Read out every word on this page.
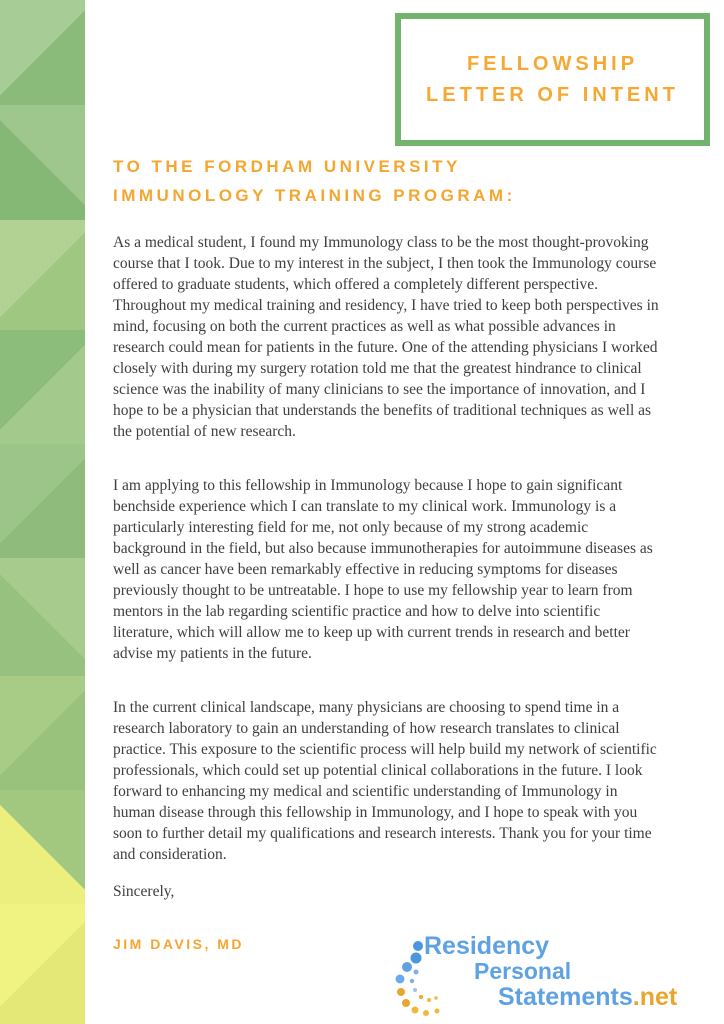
FELLOWSHIP
LETTER OF INTENT
TO THE FORDHAM UNIVERSITY
IMMUNOLOGY TRAINING PROGRAM:

As a medical student, I found my Immunology class to be the most thought-provoking course that I took. Due to my interest in the subject, I then took the Immunology course offered to graduate students, which offered a completely different perspective. Throughout my medical training and residency, I have tried to keep both perspectives in mind, focusing on both the current practices as well as what possible advances in research could mean for patients in the future. One of the attending physicians I worked closely with during my surgery rotation told me that the greatest hindrance to clinical science was the inability of many clinicians to see the importance of innovation, and I hope to be a physician that understands the benefits of traditional techniques as well as the potential of new research.

I am applying to this fellowship in Immunology because I hope to gain significant benchside experience which I can translate to my clinical work. Immunology is a particularly interesting field for me, not only because of my strong academic background in the field, but also because immunotherapies for autoimmune diseases as well as cancer have been remarkably effective in reducing symptoms for diseases previously thought to be untreatable. I hope to use my fellowship year to learn from mentors in the lab regarding scientific practice and how to delve into scientific literature, which will allow me to keep up with current trends in research and better advise my patients in the future.

In the current clinical landscape, many physicians are choosing to spend time in a research laboratory to gain an understanding of how research translates to clinical practice. This exposure to the scientific process will help build my network of scientific professionals, which could set up potential clinical collaborations in the future. I look forward to enhancing my medical and scientific understanding of Immunology in human disease through this fellowship in Immunology, and I hope to speak with you soon to further detail my qualifications and research interests. Thank you for your time and consideration.

Sincerely,
JIM DAVIS, MD	Residency
Personal
Statements.net
